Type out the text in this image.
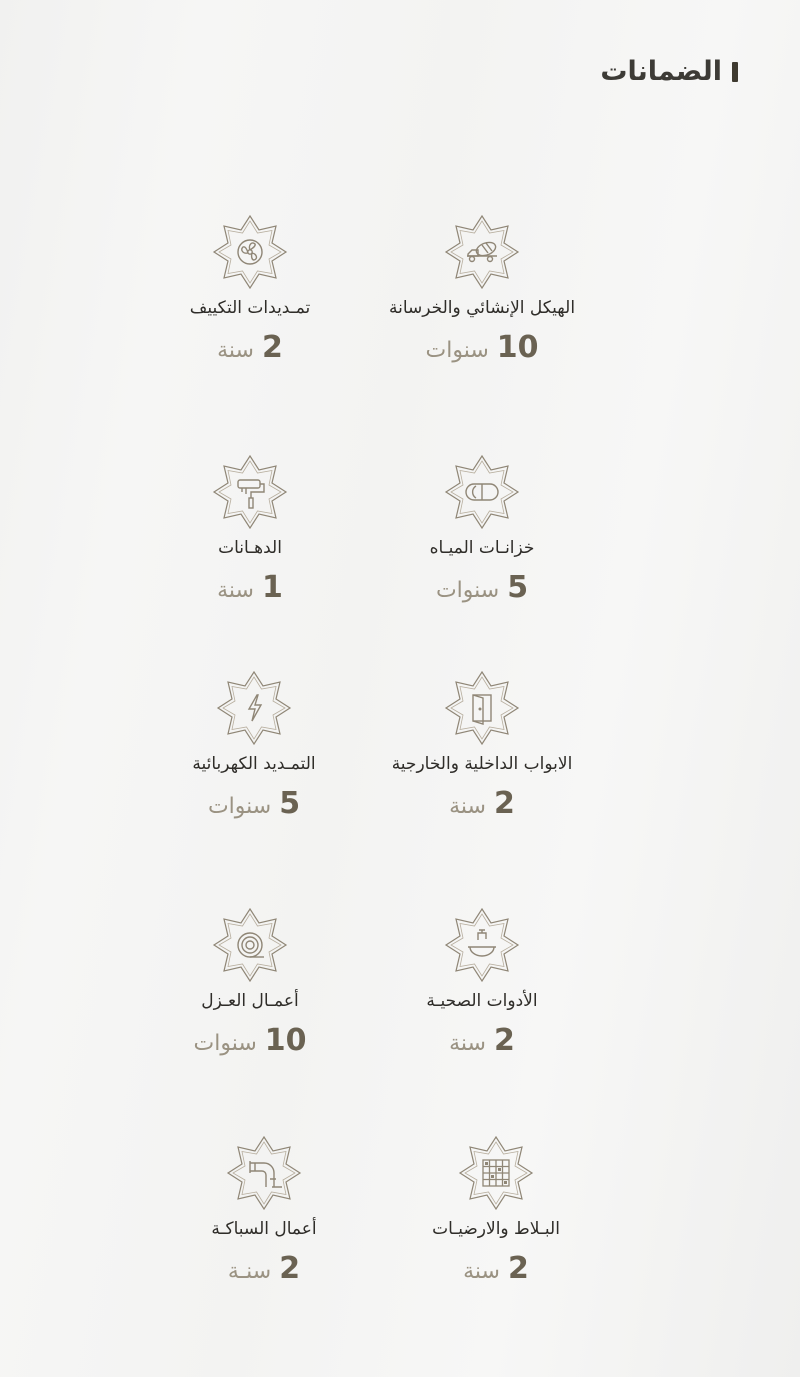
الضمانات
الهيكل الإنشائي والخرسانة
10
سنوات
تمـديدات التكييف
2
سنة
خزانـات الميـاه
5
سنوات
الدهـانات
1
سنة
الابواب الداخلية والخارجية
2
سنة
التمـديد الكهربائية
5
سنوات
الأدوات الصحيـة
2
سنة
أعمـال العـزل
10
سنوات
البـلاط والارضيـات
2
سنة
أعمال السباكـة
2
سنـة
